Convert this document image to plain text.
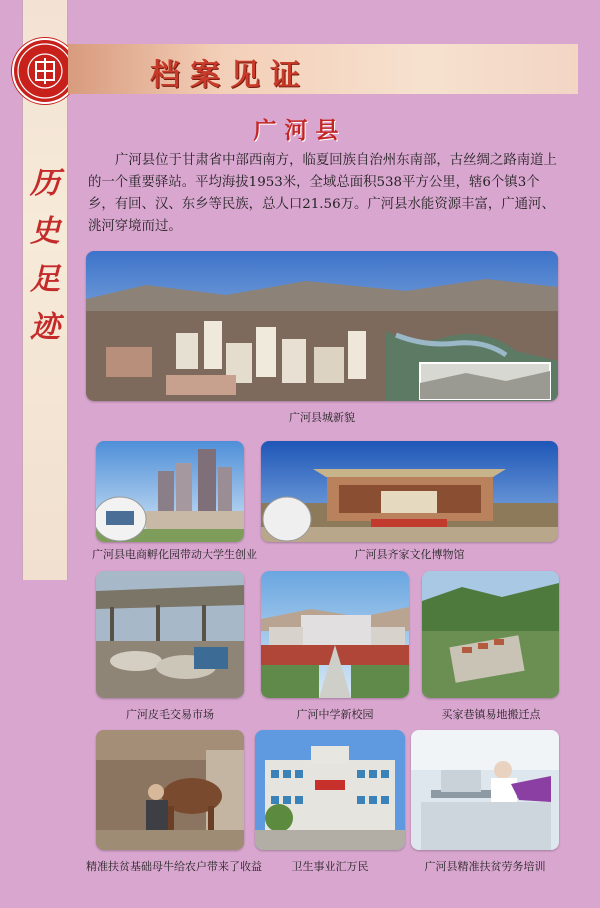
档案见证
历
史
足
迹
广河县

广河县位于甘肃省中部西南方，临夏回族自治州东南部，古丝绸之路南道上的一个重要驿站。平均海拔1953米，全域总面积538平方公里，辖6个镇3个乡，有回、汉、东乡等民族，总人口21.56万。广河县水能资源丰富，广通河、洮河穿境而过。

广河县城新貌
广河县电商孵化园带动大学生创业	广河县齐家文化博物馆
广河皮毛交易市场	广河中学新校园	买家巷镇易地搬迁点
精准扶贫基础母牛给农户带来了收益	卫生事业汇万民	广河县精准扶贫劳务培训
